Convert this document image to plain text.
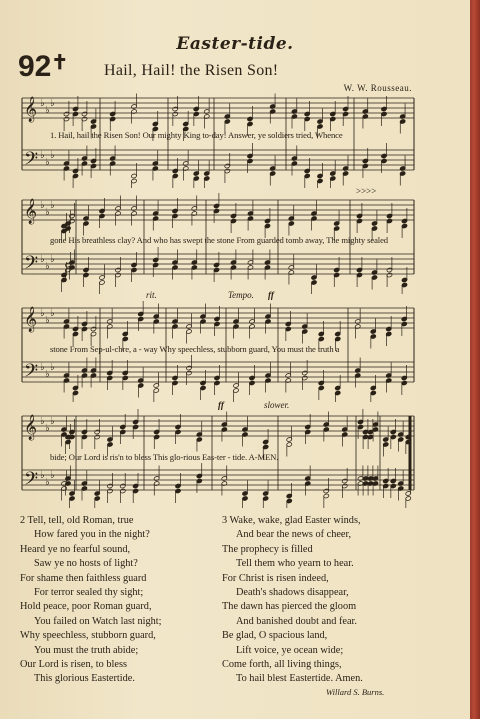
Easter-tide.
92✝ Hail, Hail! the Risen Son!
W. W. Rousseau.
𝄞 ♭
♭
♭
𝄢 ♭
♭
♭
1. Hail, hail the Risen Son! Our mighty King to-day! Answer, ye soldiers tried, Whence
𝄞 ♭
♭
♭
𝄢 ♭
♭
♭
gone His breathless clay? And who has swept the stone From guarded tomb away, The mighty sealed
>>>>
𝄞 ♭
♭
♭
𝄢 ♭
♭
♭
stone From Sep-ul-chre, a - way Why speechless, stubborn guard, You must the truth a
rit.	Tempo. ff
𝄞 ♭
♭
♭
𝄢 ♭
♭
♭
bide; Our Lord is ris'n to bless This glo-rious Eas-ter - tide. A-MEN.
ff	slower.
2 Tell, tell, old Roman, true
How fared you in the night?
Heard ye no fearful sound,
Saw ye no hosts of light?
For shame then faithless guard
For terror sealed thy sight;
Hold peace, poor Roman guard,
You failed on Watch last night;
Why speechless, stubborn guard,
You must the truth abide;
Our Lord is risen, to bless
This glorious Eastertide.
3 Wake, wake, glad Easter winds,
And bear the news of cheer,
The prophecy is filled
Tell them who yearn to hear.
For Christ is risen indeed,
Death's shadows disappear,
The dawn has pierced the gloom
And banished doubt and fear.
Be glad, O spacious land,
Lift voice, ye ocean wide;
Come forth, all living things,
To hail blest Eastertide. Amen.
Willard S. Burns.
